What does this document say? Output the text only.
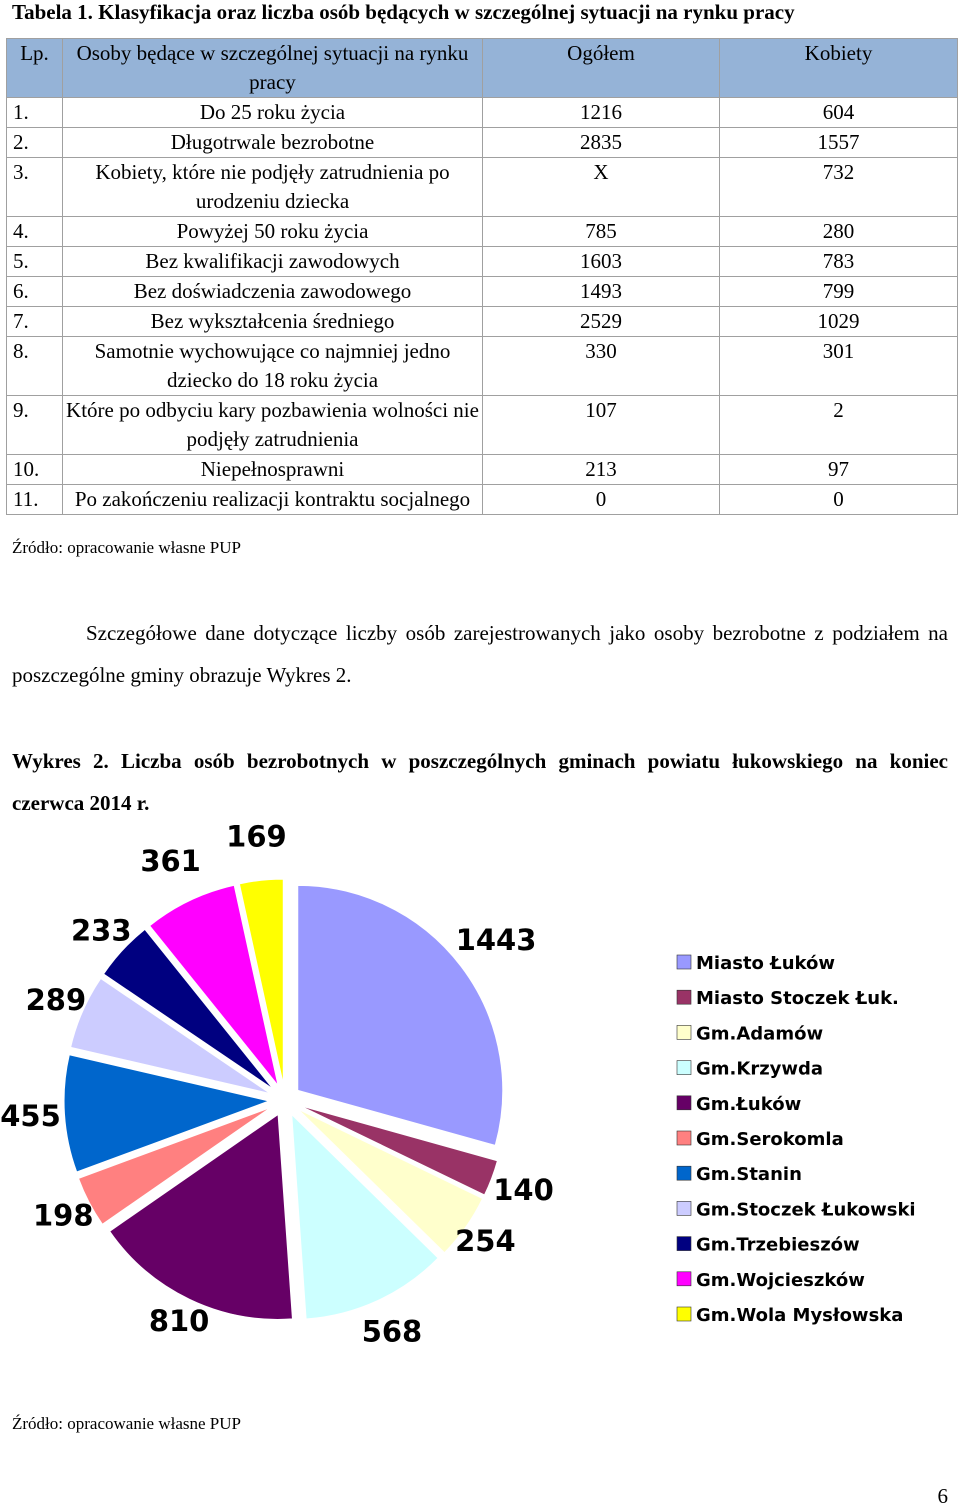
Tabela 1. Klasyfikacja oraz liczba osób będących w szczególnej sytuacji na rynku pracy
Lp.	Osoby będące w szczególnej sytuacji na rynku pracy	Ogółem	Kobiety
1.	Do 25 roku życia	1216	604
2.	Długotrwale bezrobotne	2835	1557
3.	Kobiety, które nie podjęły zatrudnienia po urodzeniu dziecka	X	732
4.	Powyżej 50 roku życia	785	280
5.	Bez kwalifikacji zawodowych	1603	783
6.	Bez doświadczenia zawodowego	1493	799
7.	Bez wykształcenia średniego	2529	1029
8.	Samotnie wychowujące co najmniej jedno dziecko do 18 roku życia	330	301
9.	Które po odbyciu kary pozbawienia wolności nie podjęły zatrudnienia	107	2
10.	Niepełnosprawni	213	97
11.	Po zakończeniu realizacji kontraktu socjalnego	0	0
Źródło: opracowanie własne PUP
Szczegółowe dane dotyczące liczby osób zarejestrowanych jako osoby bezrobotne z podziałem na poszczególne gminy obrazuje Wykres 2.
Wykres 2. Liczba osób bezrobotnych w poszczególnych gminach powiatu łukowskiego na koniec czerwca 2014 r.
1443
140
254
568
810
198
455
289
233
361
169
Miasto Łuków
Miasto Stoczek Łuk.
Gm.Adamów
Gm.Krzywda
Gm.Łuków
Gm.Serokomla
Gm.Stanin
Gm.Stoczek Łukowski
Gm.Trzebieszów
Gm.Wojcieszków
Gm.Wola Mysłowska
Źródło: opracowanie własne PUP
6
